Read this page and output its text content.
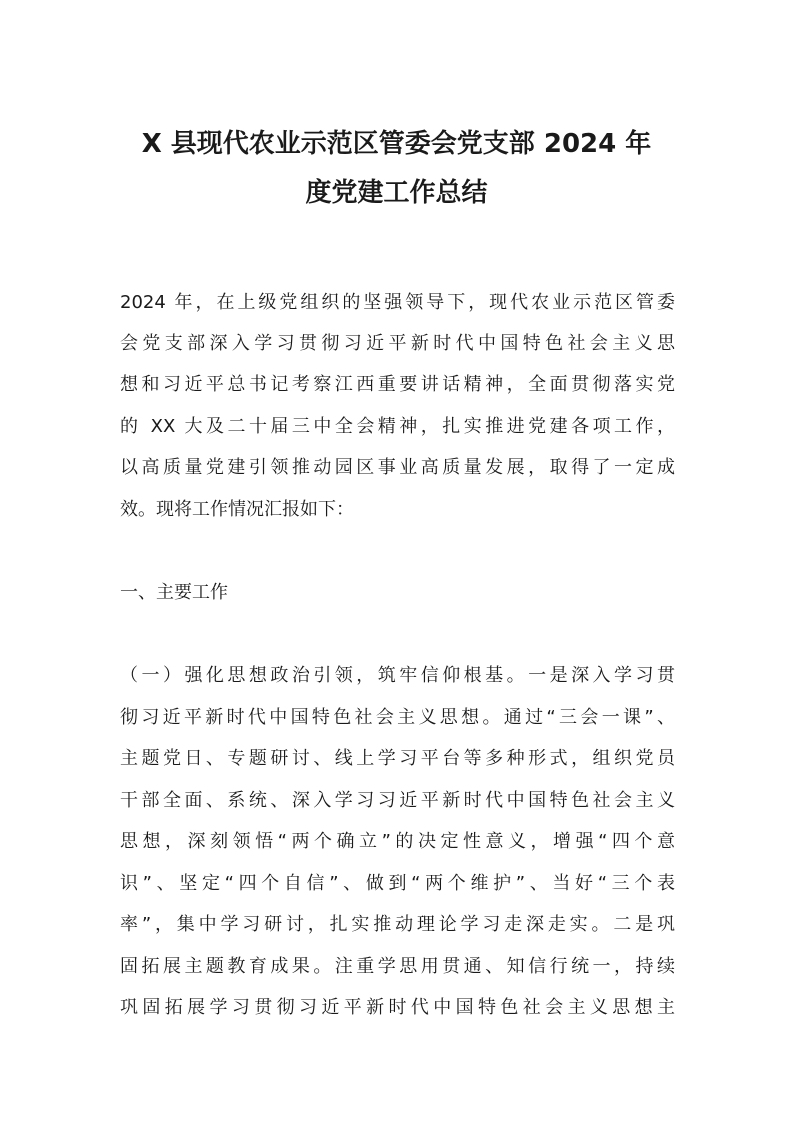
X 县现代农业示范区管委会党支部 2024 年
度党建工作总结
2024 年，在上级党组织的坚强领导下，现代农业示范区管委
会党支部深入学习贯彻习近平新时代中国特色社会主义思
想和习近平总书记考察江西重要讲话精神，全面贯彻落实党
的 XX 大及二十届三中全会精神，扎实推进党建各项工作，
以高质量党建引领推动园区事业高质量发展，取得了一定成
效。现将工作情况汇报如下：
一、主要工作
（一）强化思想政治引领，筑牢信仰根基。一是深入学习贯
彻习近平新时代中国特色社会主义思想。通过“三会一课”、
主题党日、专题研讨、线上学习平台等多种形式，组织党员
干部全面、系统、深入学习习近平新时代中国特色社会主义
思想，深刻领悟“两个确立”的决定性意义，增强“四个意
识”、坚定“四个自信”、做到“两个维护”、当好“三个表
率”，集中学习研讨，扎实推动理论学习走深走实。二是巩
固拓展主题教育成果。注重学思用贯通、知信行统一，持续
巩固拓展学习贯彻习近平新时代中国特色社会主义思想主
